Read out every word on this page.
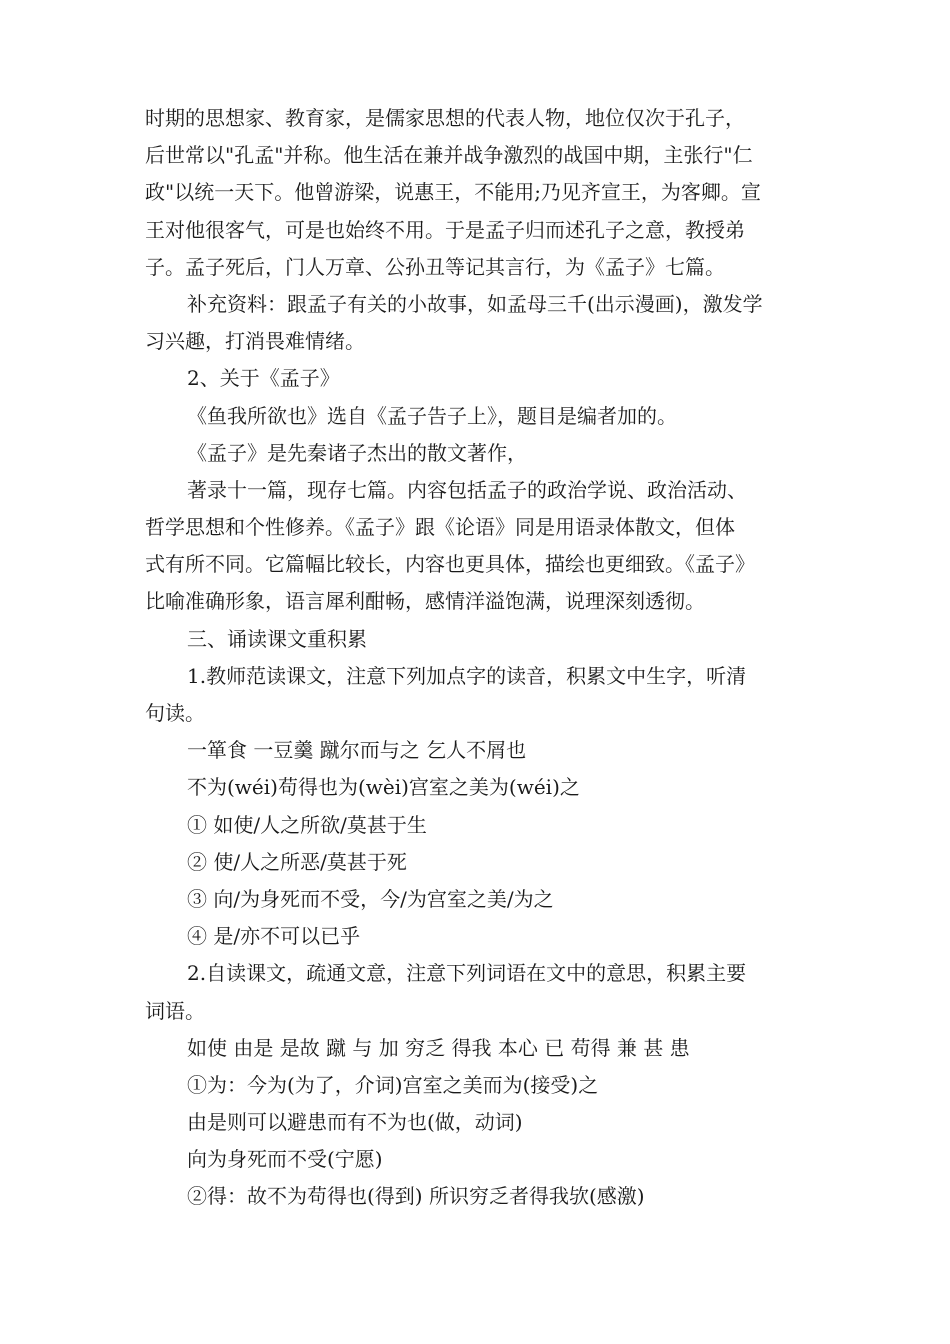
时期的思想家、教育家，是儒家思想的代表人物，地位仅次于孔子，
后世常以"孔孟"并称。他生活在兼并战争激烈的战国中期，主张行"仁
政"以统一天下。他曾游梁，说惠王，不能用;乃见齐宣王，为客卿。宣
王对他很客气，可是也始终不用。于是孟子归而述孔子之意，教授弟
子。孟子死后，门人万章、公孙丑等记其言行，为《孟子》七篇。
补充资料：跟孟子有关的小故事，如孟母三千(出示漫画)，激发学
习兴趣，打消畏难情绪。
2、关于《孟子》
《鱼我所欲也》选自《孟子告子上》，题目是编者加的。
《孟子》是先秦诸子杰出的散文著作，
著录十一篇，现存七篇。内容包括孟子的政治学说、政治活动、
哲学思想和个性修养。《孟子》跟《论语》同是用语录体散文，但体
式有所不同。它篇幅比较长，内容也更具体，描绘也更细致。《孟子》
比喻准确形象，语言犀利酣畅，感情洋溢饱满，说理深刻透彻。
三、诵读课文重积累
1.教师范读课文，注意下列加点字的读音，积累文中生字，听清
句读。
一箪食 一豆羹 蹴尔而与之 乞人不屑也
不为(wéi)苟得也为(wèi)宫室之美为(wéi)之
① 如使/人之所欲/莫甚于生
② 使/人之所恶/莫甚于死
③ 向/为身死而不受，今/为宫室之美/为之
④ 是/亦不可以已乎
2.自读课文，疏通文意，注意下列词语在文中的意思，积累主要
词语。
如使 由是 是故 蹴 与 加 穷乏 得我 本心 已 苟得 兼 甚 患
①为：今为(为了，介词)宫室之美而为(接受)之
由是则可以避患而有不为也(做，动词)
向为身死而不受(宁愿)
②得：故不为苟得也(得到) 所识穷乏者得我欤(感激)
